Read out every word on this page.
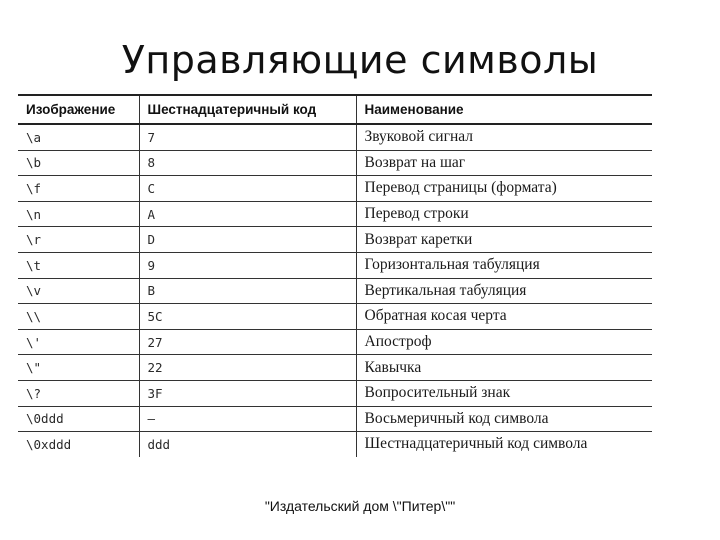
Управляющие символы
Изображение	Шестнадцатеричный код	Наименование
\a	7	Звуковой сигнал
\b	8	Возврат на шаг
\f	C	Перевод страницы (формата)
\n	A	Перевод строки
\r	D	Возврат каретки
\t	9	Горизонтальная табуляция
\v	B	Вертикальная табуляция
\\	5C	Обратная косая черта
\'	27	Апостроф
\"	22	Кавычка
\?	3F	Вопросительный знак
\0ddd	—	Восьмеричный код символа
\0xddd	ddd	Шестнадцатеричный код символа
"Издательский дом \"Питер\""
